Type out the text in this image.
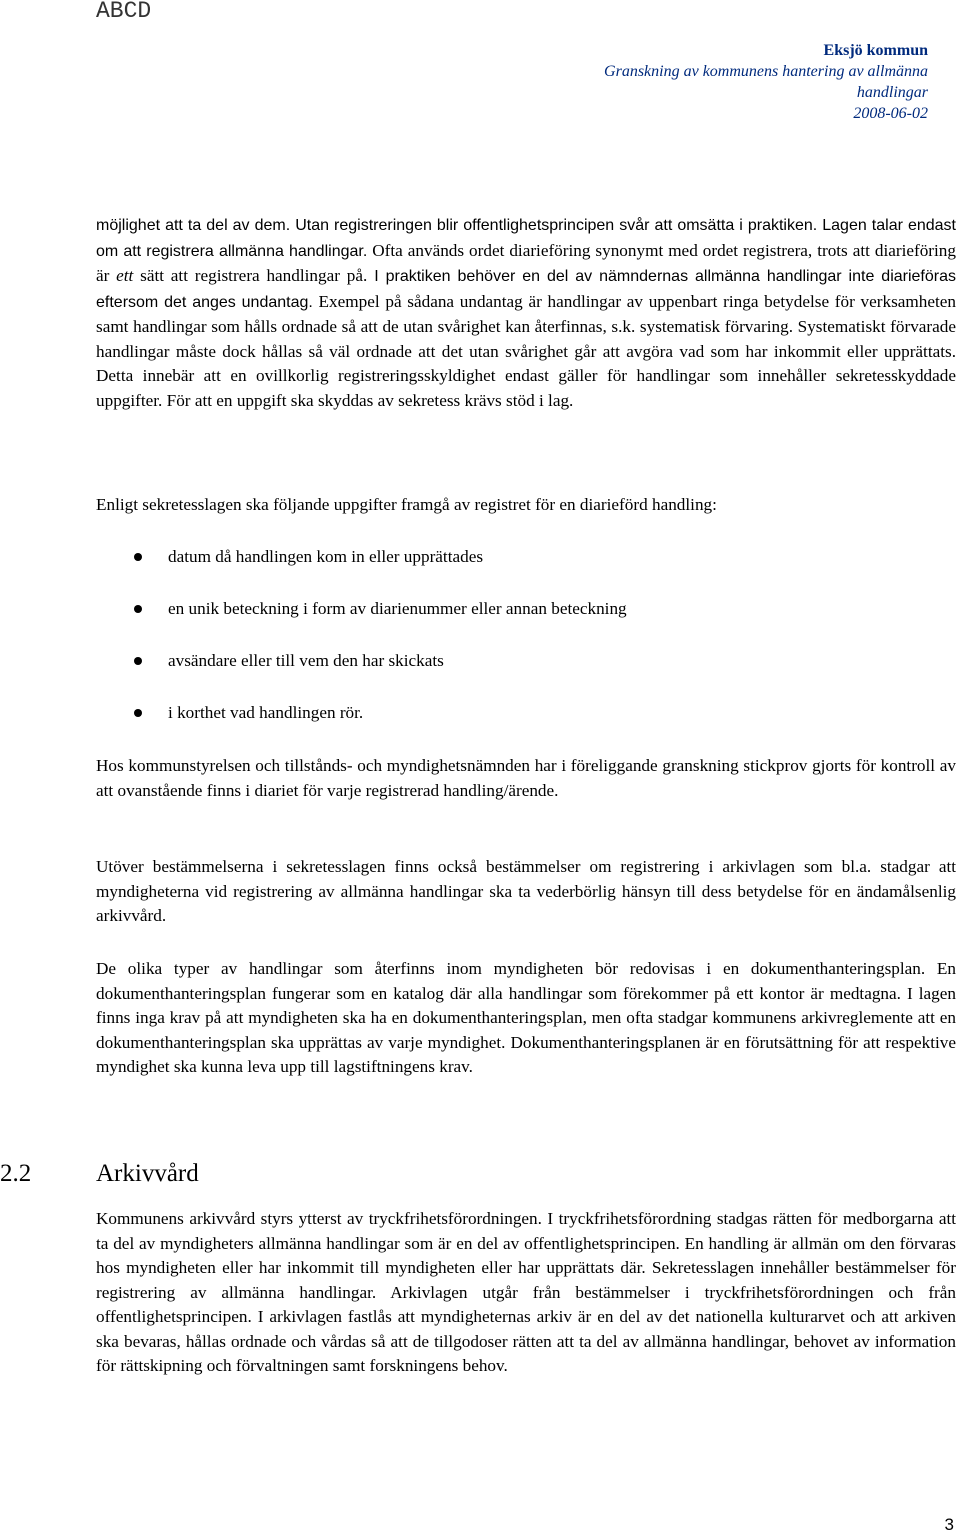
ABCD
Eksjö kommun
Granskning av kommunens hantering av allmänna
handlingar
2008-06-02

möjlighet att ta del av dem. Utan registreringen blir offentlighetsprincipen svår att omsätta i praktiken. Lagen talar endast om att registrera allmänna handlingar. Ofta används ordet diarieföring synonymt med ordet registrera, trots att diarieföring är ett sätt att registrera handlingar på. I praktiken behöver en del av nämndernas allmänna handlingar inte diarieföras eftersom det anges undantag. Exempel på sådana undantag är handlingar av uppenbart ringa betydelse för verksamheten samt handlingar som hålls ordnade så att de utan svårighet kan återfinnas, s.k. systematisk förvaring. Systematiskt förvarade handlingar måste dock hållas så väl ordnade att det utan svårighet går att avgöra vad som har inkommit eller upprättats. Detta innebär att en ovillkorlig registreringsskyldighet endast gäller för handlingar som innehåller sekretesskyddade uppgifter. För att en uppgift ska skyddas av sekretess krävs stöd i lag.

Enligt sekretesslagen ska följande uppgifter framgå av registret för en diarieförd handling:

datum då handlingen kom in eller upprättades
en unik beteckning i form av diarienummer eller annan beteckning
avsändare eller till vem den har skickats
i korthet vad handlingen rör.

Hos kommunstyrelsen och tillstånds- och myndighetsnämnden har i föreliggande granskning stickprov gjorts för kontroll av att ovanstående finns i diariet för varje registrerad handling/ärende.

Utöver bestämmelserna i sekretesslagen finns också bestämmelser om registrering i arkivlagen som bl.a. stadgar att myndigheterna vid registrering av allmänna handlingar ska ta vederbörlig hänsyn till dess betydelse för en ändamålsenlig arkivvård.

De olika typer av handlingar som återfinns inom myndigheten bör redovisas i en dokumenthanteringsplan. En dokumenthanteringsplan fungerar som en katalog där alla handlingar som förekommer på ett kontor är medtagna. I lagen finns inga krav på att myndigheten ska ha en dokumenthanteringsplan, men ofta stadgar kommunens arkivreglemente att en dokumenthanteringsplan ska upprättas av varje myndighet. Dokumenthanteringsplanen är en förutsättning för att respektive myndighet ska kunna leva upp till lagstiftningens krav.

2.2	Arkivvård

Kommunens arkivvård styrs ytterst av tryckfrihetsförordningen. I tryckfrihetsförordning stadgas rätten för medborgarna att ta del av myndigheters allmänna handlingar som är en del av offentlighetsprincipen. En handling är allmän om den förvaras hos myndigheten eller har inkommit till myndigheten eller har upprättats där. Sekretesslagen innehåller bestämmelser för registrering av allmänna handlingar. Arkivlagen utgår från bestämmelser i tryckfrihetsförordningen och från offentlighetsprincipen. I arkivlagen fastlås att myndigheternas arkiv är en del av det nationella kulturarvet och att arkiven ska bevaras, hållas ordnade och vårdas så att de tillgodoser rätten att ta del av allmänna handlingar, behovet av information för rättskipning och förvaltningen samt forskningens behov.

3
